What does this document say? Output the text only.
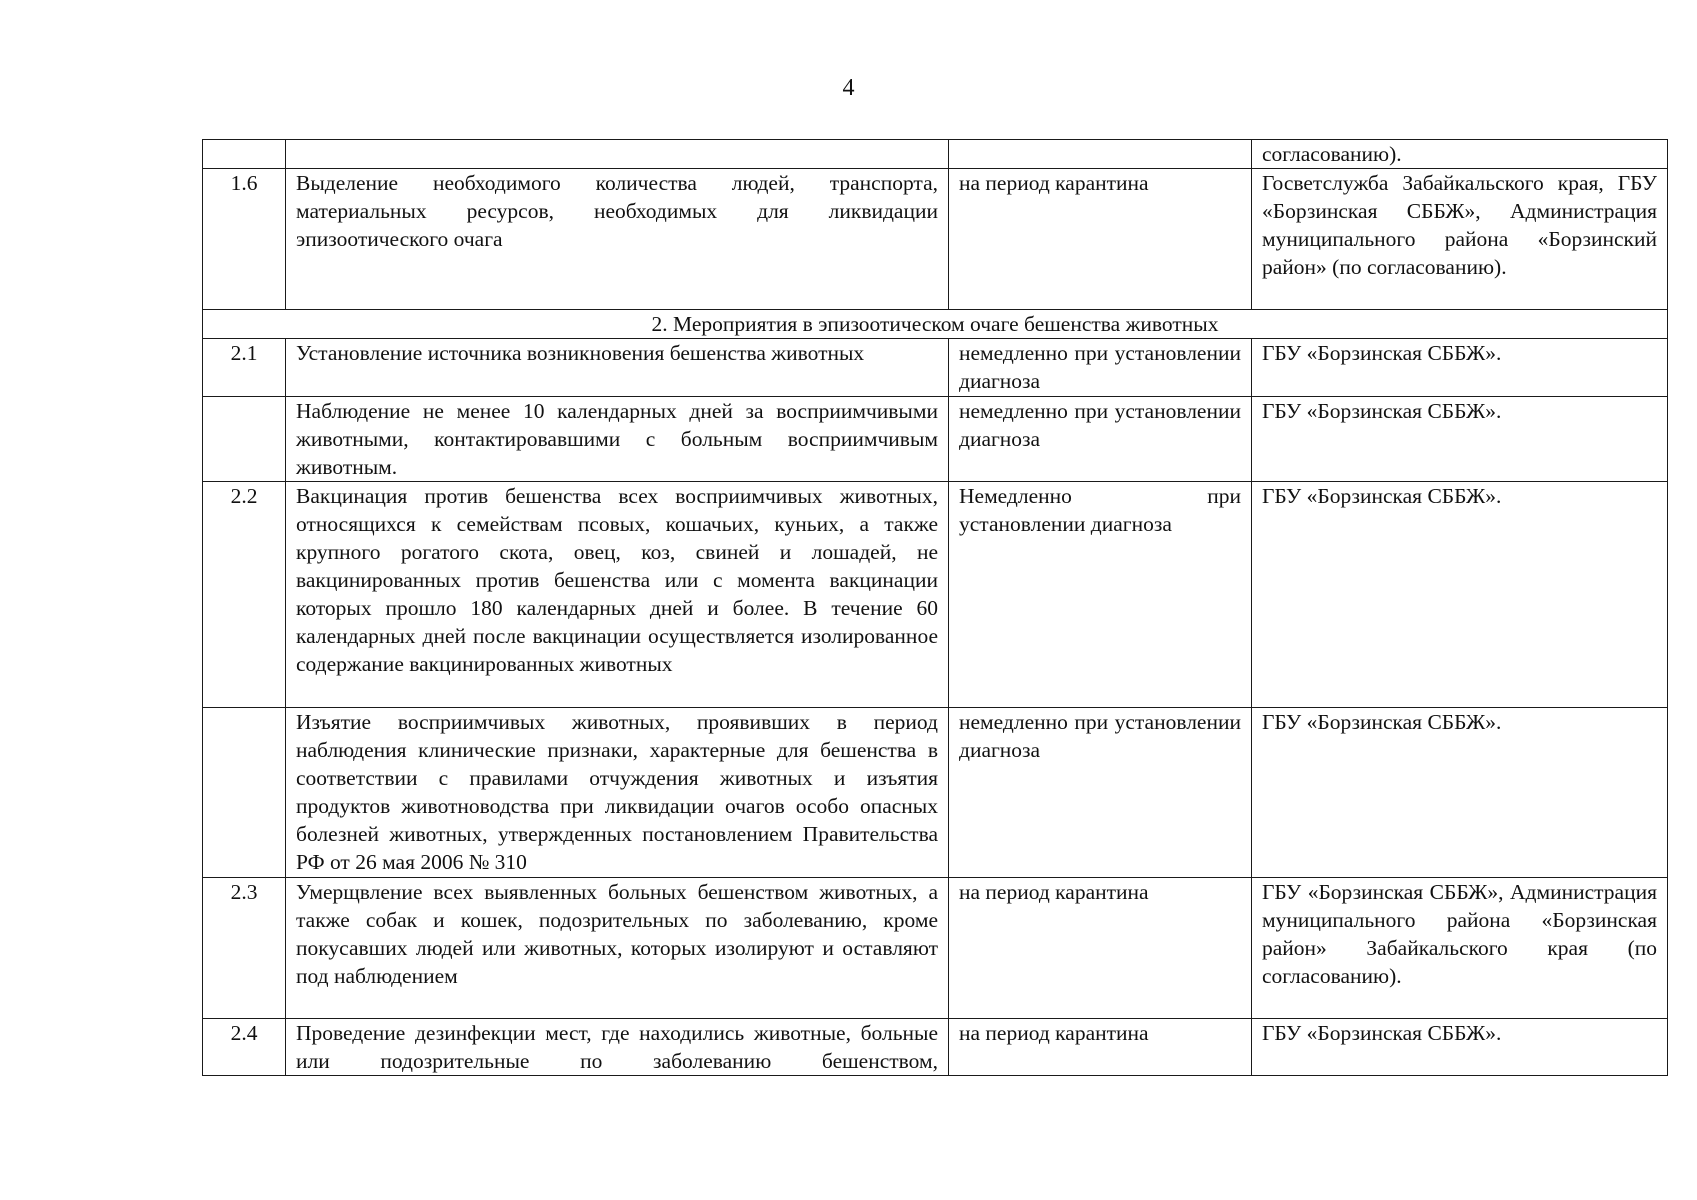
4
			согласованию).
1.6	Выделение необходимого количества людей, транспорта, материальных ресурсов, необходимых для ликвидации эпизоотического очага	на период карантина	Госветслужба Забайкальского края, ГБУ «Борзинская СББЖ», Администрация муниципального района «Борзинский район» (по согласованию).
2. Мероприятия в эпизоотическом очаге бешенства животных			
2.1	Установление источника возникновения бешенства животных	немедленно при установлении диагноза	ГБУ «Борзинская СББЖ».
	Наблюдение не менее 10 календарных дней за восприимчивыми животными, контактировавшими с больным восприимчивым животным.	немедленно при установлении диагноза	ГБУ «Борзинская СББЖ».
2.2	Вакцинация против бешенства всех восприимчивых животных, относящихся к семействам псовых, кошачьих, куньих, а также крупного рогатого скота, овец, коз, свиней и лошадей, не вакцинированных против бешенства или с момента вакцинации которых прошло 180 календарных дней и более. В течение 60 календарных дней после вакцинации осуществляется изолированное содержание вакцинированных животных	Немедленно при установлении диагноза	ГБУ «Борзинская СББЖ».
	Изъятие восприимчивых животных, проявивших в период наблюдения клинические признаки, характерные для бешенства в соответствии с правилами отчуждения животных и изъятия продуктов животноводства при ликвидации очагов особо опасных болезней животных, утвержденных постановлением Правительства РФ от 26 мая 2006 № 310	немедленно при установлении диагноза	ГБУ «Борзинская СББЖ».
2.3	Умерщвление всех выявленных больных бешенством животных, а также собак и кошек, подозрительных по заболеванию, кроме покусавших людей или животных, которых изолируют и оставляют под наблюдением	на период карантина	ГБУ «Борзинская СББЖ», Администрация муниципального района «Борзинская район» Забайкальского края (по согласованию).
2.4	Проведение дезинфекции мест, где находились животные, больные или подозрительные по заболеванию бешенством,	на период карантина	ГБУ «Борзинская СББЖ».
